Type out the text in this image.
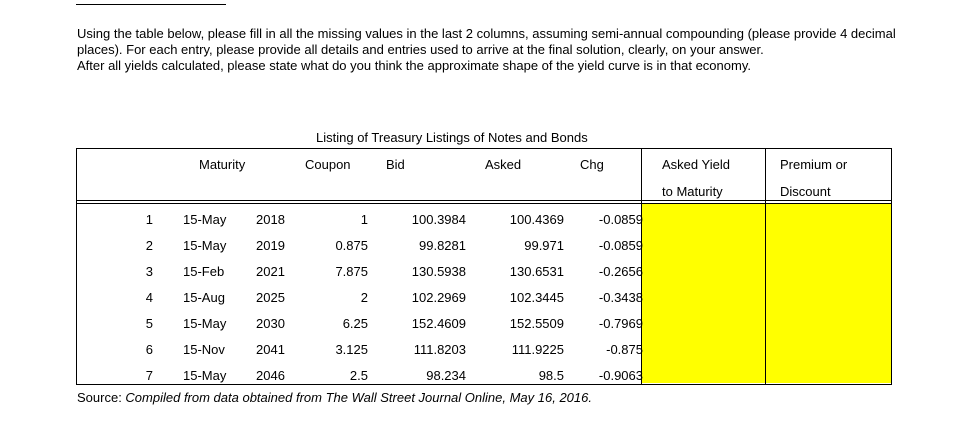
Using the table below, please fill in all the missing values in the last 2 columns, assuming semi-annual compounding (please provide 4 decimal places). For each entry, please provide all details and entries used to arrive at the final solution, clearly, on your answer.

After all yields calculated, please state what do you think the approximate shape of the yield curve is in that economy.

Listing of Treasury Listings of Notes and Bonds
Maturity	Coupon	Bid	Asked	Chg	Asked Yield
to Maturity
Premium or
Discount
1 15-May 2018	1	100.3984	100.4369	-0.0859
2 15-May 2019	0.875	99.8281	99.971	-0.0859
3 15-Feb 2021	7.875	130.5938	130.6531	-0.2656
4 15-Aug 2025	2	102.2969	102.3445	-0.3438
5 15-May 2030	6.25	152.4609	152.5509	-0.7969
6 15-Nov 2041	3.125	111.8203	111.9225	-0.875
7 15-May 2046	2.5	98.234	98.5	-0.9063
Source: Compiled from data obtained from The Wall Street Journal Online, May 16, 2016.
